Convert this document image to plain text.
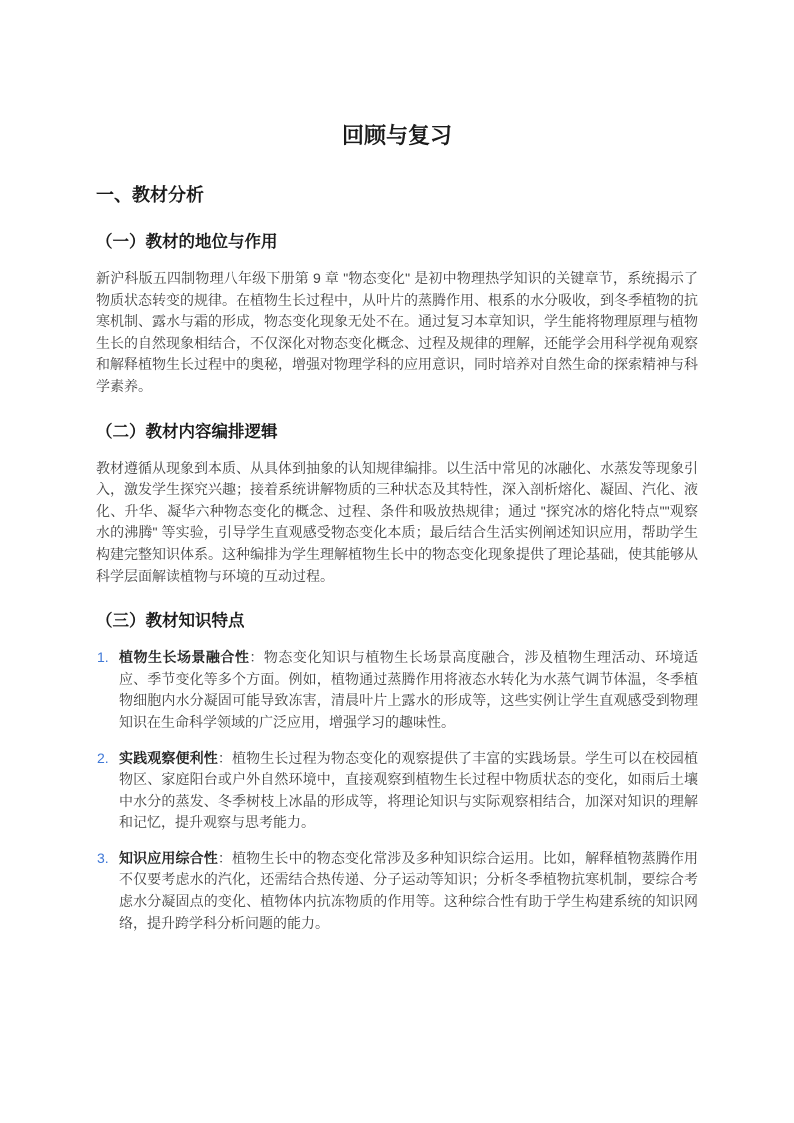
回顾与复习
一、教材分析
（一）教材的地位与作用

新沪科版五四制物理八年级下册第 9 章 "物态变化" 是初中物理热学知识的关键章节，系统揭示了物质状态转变的规律。在植物生长过程中，从叶片的蒸腾作用、根系的水分吸收，到冬季植物的抗寒机制、露水与霜的形成，物态变化现象无处不在。通过复习本章知识，学生能将物理原理与植物生长的自然现象相结合，不仅深化对物态变化概念、过程及规律的理解，还能学会用科学视角观察和解释植物生长过程中的奥秘，增强对物理学科的应用意识，同时培养对自然生命的探索精神与科学素养。

（二）教材内容编排逻辑

教材遵循从现象到本质、从具体到抽象的认知规律编排。以生活中常见的冰融化、水蒸发等现象引入，激发学生探究兴趣；接着系统讲解物质的三种状态及其特性，深入剖析熔化、凝固、汽化、液化、升华、凝华六种物态变化的概念、过程、条件和吸放热规律；通过 "探究冰的熔化特点""观察水的沸腾" 等实验，引导学生直观感受物态变化本质；最后结合生活实例阐述知识应用，帮助学生构建完整知识体系。这种编排为学生理解植物生长中的物态变化现象提供了理论基础，使其能够从科学层面解读植物与环境的互动过程。

（三）教材知识特点
1. 植物生长场景融合性：物态变化知识与植物生长场景高度融合，涉及植物生理活动、环境适应、季节变化等多个方面。例如，植物通过蒸腾作用将液态水转化为水蒸气调节体温，冬季植物细胞内水分凝固可能导致冻害，清晨叶片上露水的形成等，这些实例让学生直观感受到物理知识在生命科学领域的广泛应用，增强学习的趣味性。
2. 实践观察便利性：植物生长过程为物态变化的观察提供了丰富的实践场景。学生可以在校园植物区、家庭阳台或户外自然环境中，直接观察到植物生长过程中物质状态的变化，如雨后土壤中水分的蒸发、冬季树枝上冰晶的形成等，将理论知识与实际观察相结合，加深对知识的理解和记忆，提升观察与思考能力。
3. 知识应用综合性：植物生长中的物态变化常涉及多种知识综合运用。比如，解释植物蒸腾作用不仅要考虑水的汽化，还需结合热传递、分子运动等知识；分析冬季植物抗寒机制，要综合考虑水分凝固点的变化、植物体内抗冻物质的作用等。这种综合性有助于学生构建系统的知识网络，提升跨学科分析问题的能力。
